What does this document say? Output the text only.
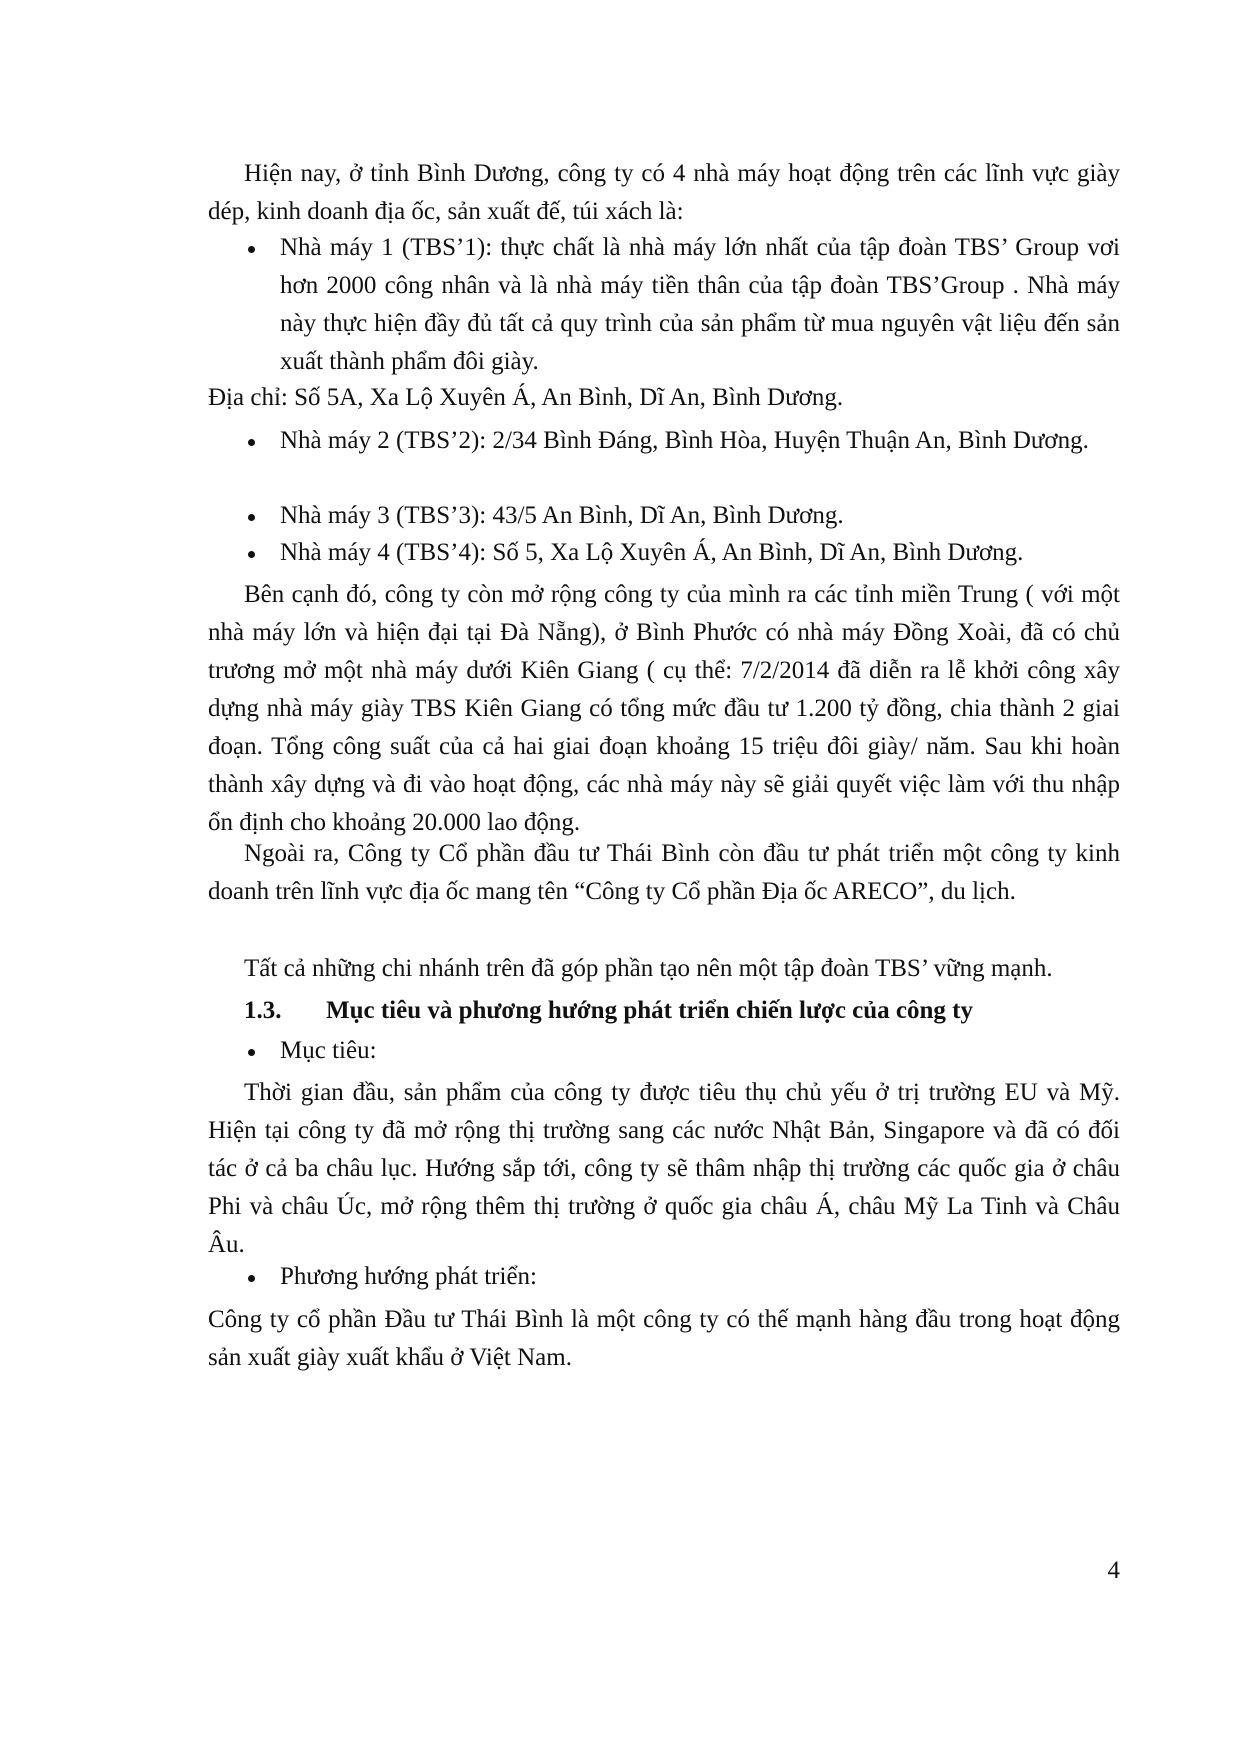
Hiện nay, ở tỉnh Bình Dương, công ty có 4 nhà máy hoạt động trên các lĩnh vực giày dép, kinh doanh địa ốc, sản xuất đế, túi xách là:

Nhà máy 1 (TBS’1): thực chất là nhà máy lớn nhất của tập đoàn TBS’ Group vơi hơn 2000 công nhân và là nhà máy tiền thân của tập đoàn TBS’Group . Nhà máy này thực hiện đầy đủ tất cả quy trình của sản phẩm từ mua nguyên vật liệu đến sản xuất thành phẩm đôi giày.

Địa chỉ: Số 5A, Xa Lộ Xuyên Á, An Bình, Dĩ An, Bình Dương.

Nhà máy 2 (TBS’2): 2/34 Bình Đáng, Bình Hòa, Huyện Thuận An, Bình Dương.
Nhà máy 3 (TBS’3): 43/5 An Bình, Dĩ An, Bình Dương.
Nhà máy 4 (TBS’4): Số 5, Xa Lộ Xuyên Á, An Bình, Dĩ An, Bình Dương.

Bên cạnh đó, công ty còn mở rộng công ty của mình ra các tỉnh miền Trung ( với một nhà máy lớn và hiện đại tại Đà Nẵng), ở Bình Phước có nhà máy Đồng Xoài, đã có chủ trương mở một nhà máy dưới Kiên Giang ( cụ thể: 7/2/2014 đã diễn ra lễ khởi công xây dựng nhà máy giày TBS Kiên Giang có tổng mức đầu tư 1.200 tỷ đồng, chia thành 2 giai đoạn. Tổng công suất của cả hai giai đoạn khoảng 15 triệu đôi giày/ năm. Sau khi hoàn thành xây dựng và đi vào hoạt động, các nhà máy này sẽ giải quyết việc làm với thu nhập ổn định cho khoảng 20.000 lao động.

Ngoài ra, Công ty Cổ phần đầu tư Thái Bình còn đầu tư phát triển một công ty kinh doanh trên lĩnh vực địa ốc mang tên “Công ty Cổ phần Địa ốc ARECO”, du lịch.

Tất cả những chi nhánh trên đã góp phần tạo nên một tập đoàn TBS’ vững mạnh.

1.3. Mục tiêu và phương hướng phát triển chiến lược của công ty
Mục tiêu:

Thời gian đầu, sản phẩm của công ty được tiêu thụ chủ yếu ở trị trường EU và Mỹ. Hiện tại công ty đã mở rộng thị trường sang các nước Nhật Bản, Singapore và đã có đối tác ở cả ba châu lục. Hướng sắp tới, công ty sẽ thâm nhập thị trường các quốc gia ở châu Phi và châu Úc, mở rộng thêm thị trường ở quốc gia châu Á, châu Mỹ La Tinh và Châu Âu.

Phương hướng phát triển:

Công ty cổ phần Đầu tư Thái Bình là một công ty có thế mạnh hàng đầu trong hoạt động sản xuất giày xuất khẩu ở Việt Nam.

4
